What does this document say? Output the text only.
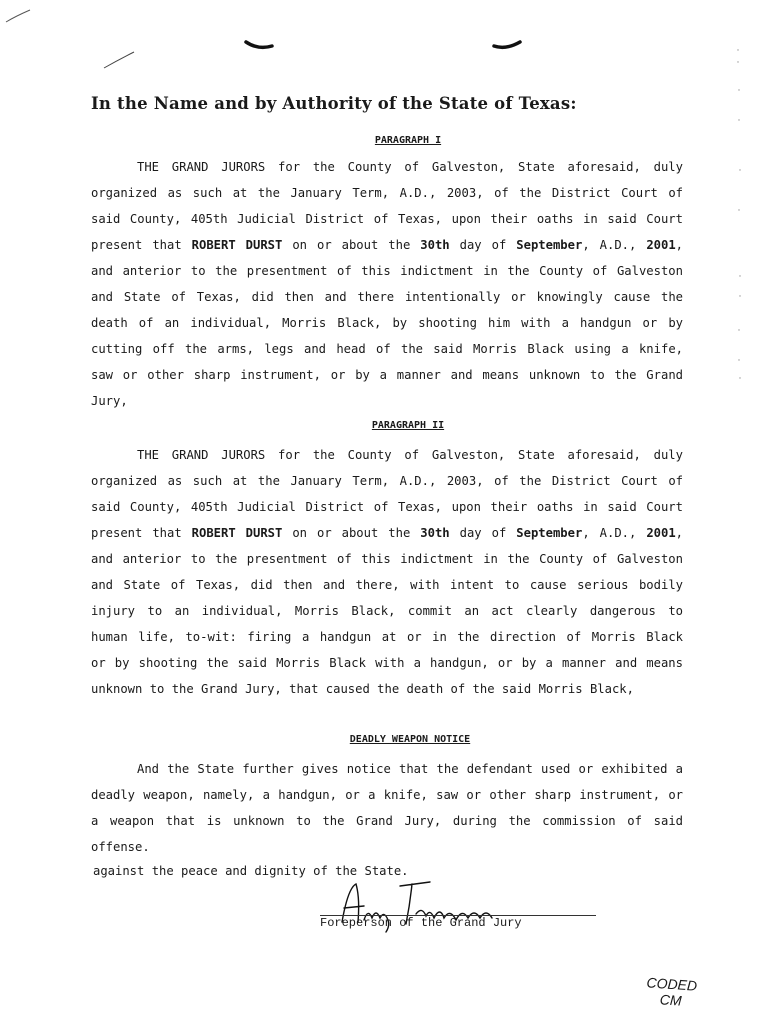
In the Name and by Authority of the State of Texas:
PARAGRAPH I
THE GRAND JURORS for the County of Galveston, State aforesaid, duly
organized as such at the January Term, A.D., 2003, of the District Court of
said County, 405th Judicial District of Texas, upon their oaths in said Court
present that ROBERT DURST on or about the 30th day of September, A.D., 2001,
and anterior to the presentment of this indictment in the County of Galveston
and State of Texas, did then and there intentionally or knowingly cause the
death of an individual, Morris Black, by shooting him with a handgun or by
cutting off the arms, legs and head of the said Morris Black using a knife,
saw or other sharp instrument, or by a manner and means unknown to the Grand
Jury,
PARAGRAPH II
THE GRAND JURORS for the County of Galveston, State aforesaid, duly
organized as such at the January Term, A.D., 2003, of the District Court of
said County, 405th Judicial District of Texas, upon their oaths in said Court
present that ROBERT DURST on or about the 30th day of September, A.D., 2001,
and anterior to the presentment of this indictment in the County of Galveston
and State of Texas, did then and there, with intent to cause serious bodily
injury to an individual, Morris Black, commit an act clearly dangerous to
human life, to-wit: firing a handgun at or in the direction of Morris Black
or by shooting the said Morris Black with a handgun, or by a manner and means
unknown to the Grand Jury, that caused the death of the said Morris Black,
DEADLY WEAPON NOTICE
And the State further gives notice that the defendant used or exhibited a
deadly weapon, namely, a handgun, or a knife, saw or other sharp instrument, or
a weapon that is unknown to the Grand Jury, during the commission of said
offense.
against the peace and dignity of the State.
Foreperson of the Grand Jury
CODED
CM
